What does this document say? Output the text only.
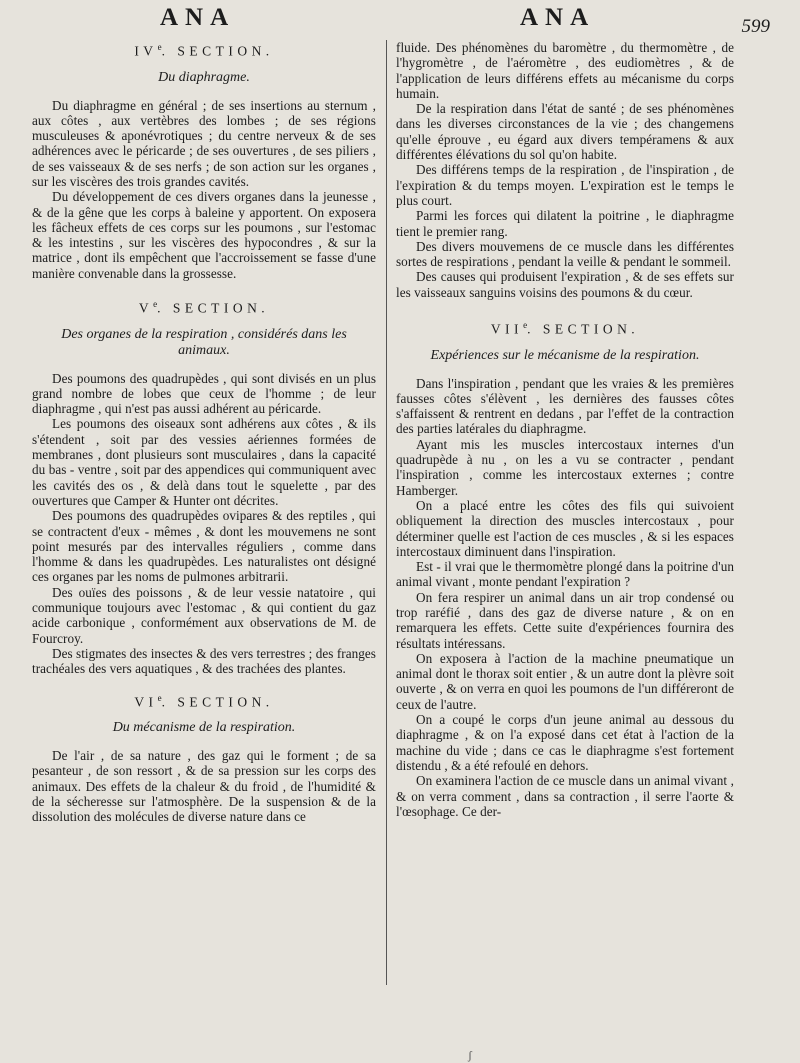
ANA	ANA	599

IVe. SECTION.

Du diaphragme.

Du diaphragme en général ; de ses insertions au sternum , aux côtes , aux vertèbres des lombes ; de ses régions musculeuses & aponévrotiques ; du centre nerveux & de ses adhérences avec le péricarde ; de ses ouvertures , de ses piliers , de ses vaisseaux & de ses nerfs ; de son action sur les organes , sur les viscères des trois grandes cavités.

Du développement de ces divers organes dans la jeunesse , & de la gêne que les corps à baleine y apportent. On exposera les fâcheux effets de ces corps sur les poumons , sur l'estomac & les intestins , sur les viscères des hypocondres , & sur la matrice , dont ils empêchent que l'accroissement se fasse d'une manière convenable dans la grossesse.

Ve. SECTION.

Des organes de la respiration , considérés dans les animaux.

Des poumons des quadrupèdes , qui sont divisés en un plus grand nombre de lobes que ceux de l'homme ; de leur diaphragme , qui n'est pas aussi adhérent au péricarde.

Les poumons des oiseaux sont adhérens aux côtes , & ils s'étendent , soit par des vessies aériennes formées de membranes , dont plusieurs sont musculaires , dans la capacité du bas - ventre , soit par des appendices qui communiquent avec les cavités des os , & delà dans tout le squelette , par des ouvertures que Camper & Hunter ont décrites.

Des poumons des quadrupèdes ovipares & des reptiles , qui se contractent d'eux - mêmes , & dont les mouvemens ne sont point mesurés par des intervalles réguliers , comme dans l'homme & dans les quadrupèdes. Les naturalistes ont désigné ces organes par les noms de pulmones arbitrarii.

Des ouïes des poissons , & de leur vessie natatoire , qui communique toujours avec l'estomac , & qui contient du gaz acide carbonique , conformément aux observations de M. de Fourcroy.

Des stigmates des insectes & des vers terrestres ; des franges trachéales des vers aquatiques , & des trachées des plantes.

VIe. SECTION.

Du mécanisme de la respiration.

De l'air , de sa nature , des gaz qui le forment ; de sa pesanteur , de son ressort , & de sa pression sur les corps des animaux. Des effets de la chaleur & du froid , de l'humidité & de la sécheresse sur l'atmosphère. De la suspension & de la dissolution des molécules de diverse nature dans ce

fluide. Des phénomènes du baromètre , du thermomètre , de l'hygromètre , de l'aéromètre , des eudiomètres , & de l'application de leurs différens effets au mécanisme du corps humain.

De la respiration dans l'état de santé ; de ses phénomènes dans les diverses circonstances de la vie ; des changemens qu'elle éprouve , eu égard aux divers tempéramens & aux différentes élévations du sol qu'on habite.

Des différens temps de la respiration , de l'inspiration , de l'expiration & du temps moyen. L'expiration est le temps le plus court.

Parmi les forces qui dilatent la poitrine , le diaphragme tient le premier rang.

Des divers mouvemens de ce muscle dans les différentes sortes de respirations , pendant la veille & pendant le sommeil.

Des causes qui produisent l'expiration , & de ses effets sur les vaisseaux sanguins voisins des poumons & du cœur.

VIIe. SECTION.

Expériences sur le mécanisme de la respiration.

Dans l'inspiration , pendant que les vraies & les premières fausses côtes s'élèvent , les dernières des fausses côtes s'affaissent & rentrent en dedans , par l'effet de la contraction des parties latérales du diaphragme.

Ayant mis les muscles intercostaux internes d'un quadrupède à nu , on les a vu se contracter , pendant l'inspiration , comme les intercostaux externes ; contre Hamberger.

On a placé entre les côtes des fils qui suivoient obliquement la direction des muscles intercostaux , pour déterminer quelle est l'action de ces muscles , & si les espaces intercostaux diminuent dans l'inspiration.

Est - il vrai que le thermomètre plongé dans la poitrine d'un animal vivant , monte pendant l'expiration ?

On fera respirer un animal dans un air trop condensé ou trop raréfié , dans des gaz de diverse nature , & on en remarquera les effets. Cette suite d'expériences fournira des résultats intéressans.

On exposera à l'action de la machine pneumatique un animal dont le thorax soit entier , & un autre dont la plèvre soit ouverte , & on verra en quoi les poumons de l'un différeront de ceux de l'autre.

On a coupé le corps d'un jeune animal au dessous du diaphragme , & on l'a exposé dans cet état à l'action de la machine du vide ; dans ce cas le diaphragme s'est fortement distendu , & a été refoulé en dehors.

On examinera l'action de ce muscle dans un animal vivant , & on verra comment , dans sa contraction , il serre l'aorte & l'œsophage. Ce der-

ʃ
